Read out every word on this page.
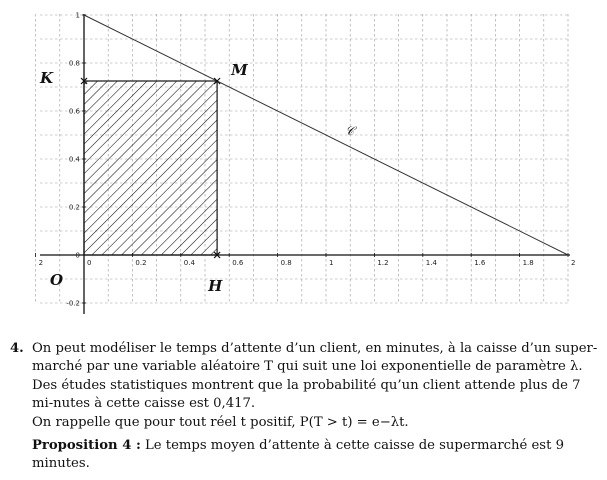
2	0	0.2	0.4	0.6	0.8	1	1.2	1.4	1.6	1.8	2
1
0.8
0.6
0.4
0.2
0
-0.2
𝒞
M
K
H
O
4. On peut modéliser le temps d’attente d’un client, en minutes, à la caisse d’un super-marché par une variable aléatoire T qui suit une loi exponentielle de paramètre λ.

Des études statistiques montrent que la probabilité qu’un client attende plus de 7 mi-nutes à cette caisse est 0,417.

On rappelle que pour tout réel t positif, P(T > t) = e−λt.

Proposition 4 : Le temps moyen d’attente à cette caisse de supermarché est 9 minutes.
